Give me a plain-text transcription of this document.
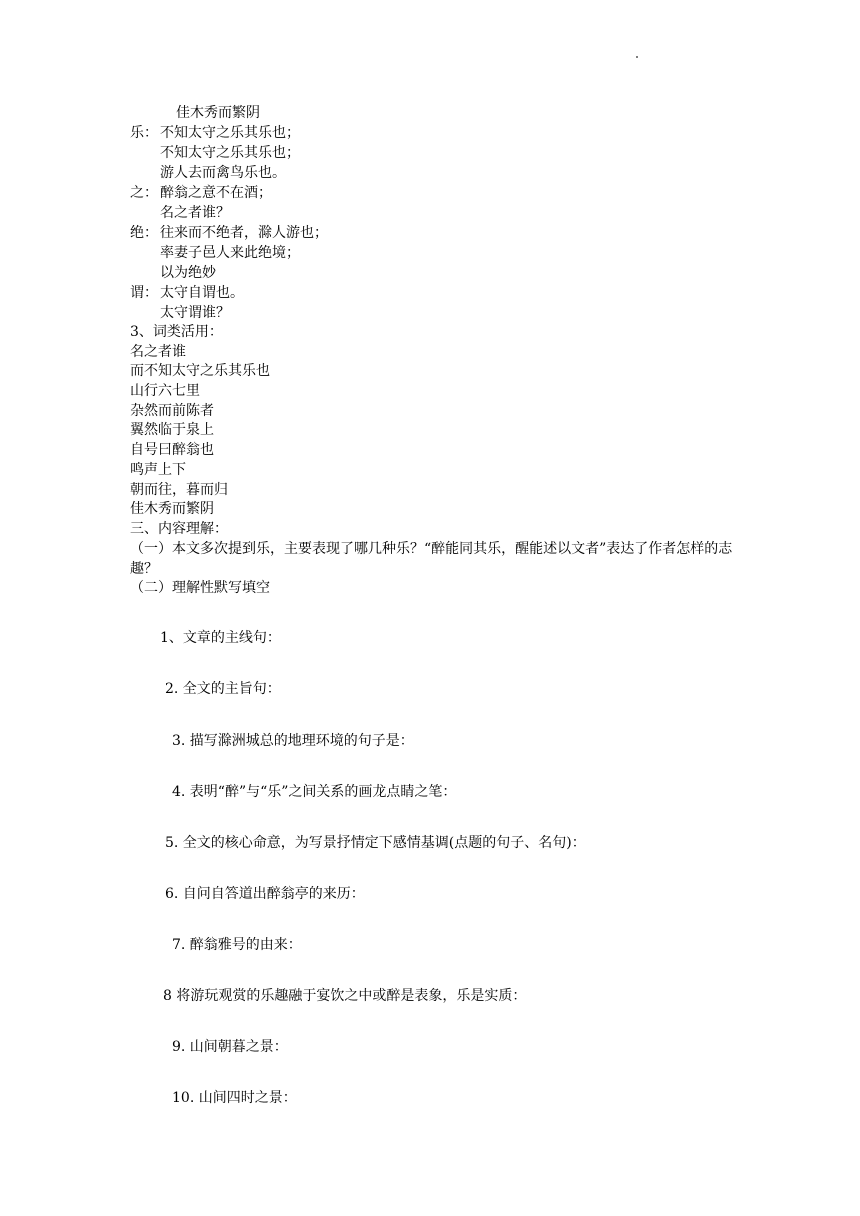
佳木秀而繁阴
乐： 不知太守之乐其乐也；
不知太守之乐其乐也；
游人去而禽鸟乐也。
之： 醉翁之意不在酒；
名之者谁？
绝： 往来而不绝者，滁人游也；
率妻子邑人来此绝境；
以为绝妙
谓： 太守自谓也。
太守谓谁？
3、词类活用：
名之者谁
而不知太守之乐其乐也
山行六七里
杂然而前陈者
翼然临于泉上
自号曰醉翁也
鸣声上下
朝而往，暮而归
佳木秀而繁阴
三、内容理解：
（一）本文多次提到乐，主要表现了哪几种乐？“醉能同其乐，醒能述以文者”表达了作者怎样的志趣？
（二）理解性默写填空
1、文章的主线句：
2. 全文的主旨句：
3. 描写滁洲城总的地理环境的句子是：
4. 表明“醉”与“乐”之间关系的画龙点睛之笔：
5. 全文的核心命意，为写景抒情定下感情基调(点题的句子、名句)：
6. 自问自答道出醉翁亭的来历：
7. 醉翁雅号的由来：
8 将游玩观赏的乐趣融于宴饮之中或醉是表象，乐是实质：
9. 山间朝暮之景：
10. 山间四时之景：
